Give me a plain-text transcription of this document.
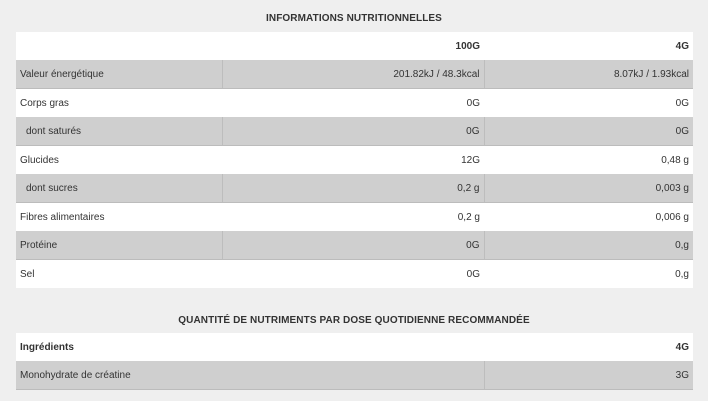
INFORMATIONS NUTRITIONNELLES
	100G	4G
Valeur énergétique	201.82kJ / 48.3kcal	8.07kJ / 1.93kcal
Corps gras	0G	0G
dont saturés	0G	0G
Glucides	12G	0,48 g
dont sucres	0,2 g	0,003 g
Fibres alimentaires	0,2 g	0,006 g
Protéine	0G	0,g
Sel	0G	0,g
QUANTITÉ DE NUTRIMENTS PAR DOSE QUOTIDIENNE RECOMMANDÉE
Ingrédients	4G
Monohydrate de créatine	3G
